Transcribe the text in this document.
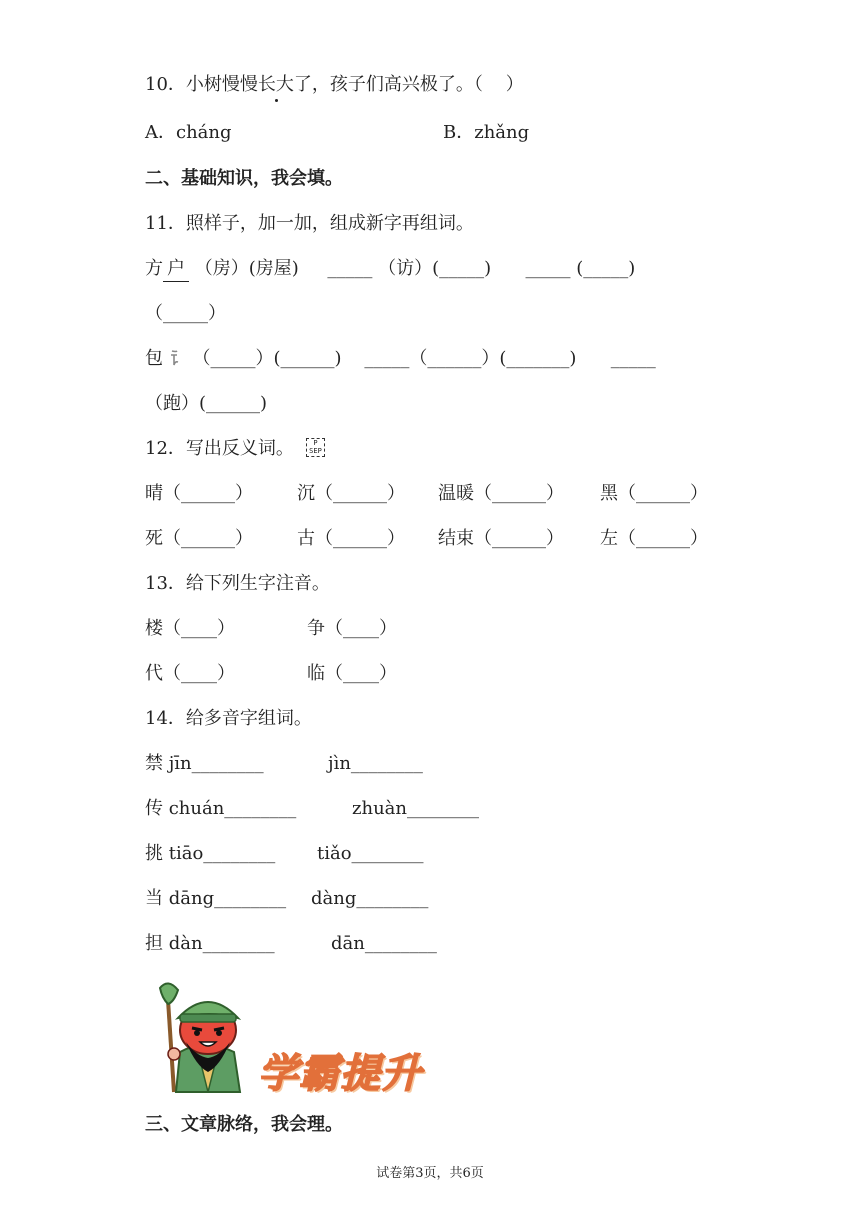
10．小树慢慢长大了，孩子们高兴极了。（    ）
A．cháng	B．zhǎng
二、基础知识，我会填。
11．照样子，加一加，组成新字再组词。
方 户 （房）(房屋)     _____ （访）(_____)      _____ (_____)
（_____）
包  （_____）(______)    _____（______）(_______)      _____
（跑）(______)
12．写出反义词。	P SEP
晴（______） 沉（______） 温暖（______） 黑（______）
死（______） 古（______） 结束（______） 左（______）
13．给下列生字注音。
楼（____）	争（____）
代（____）	临（____）
14．给多音字组词。
禁 jīn________	jìn________
传 chuán________	zhuàn________
挑 tiāo________ tiǎo________
当 dāng________ dàng________
担 dàn________	dān________
学霸提升
三、文章脉络，我会理。
试卷第3页，共6页
